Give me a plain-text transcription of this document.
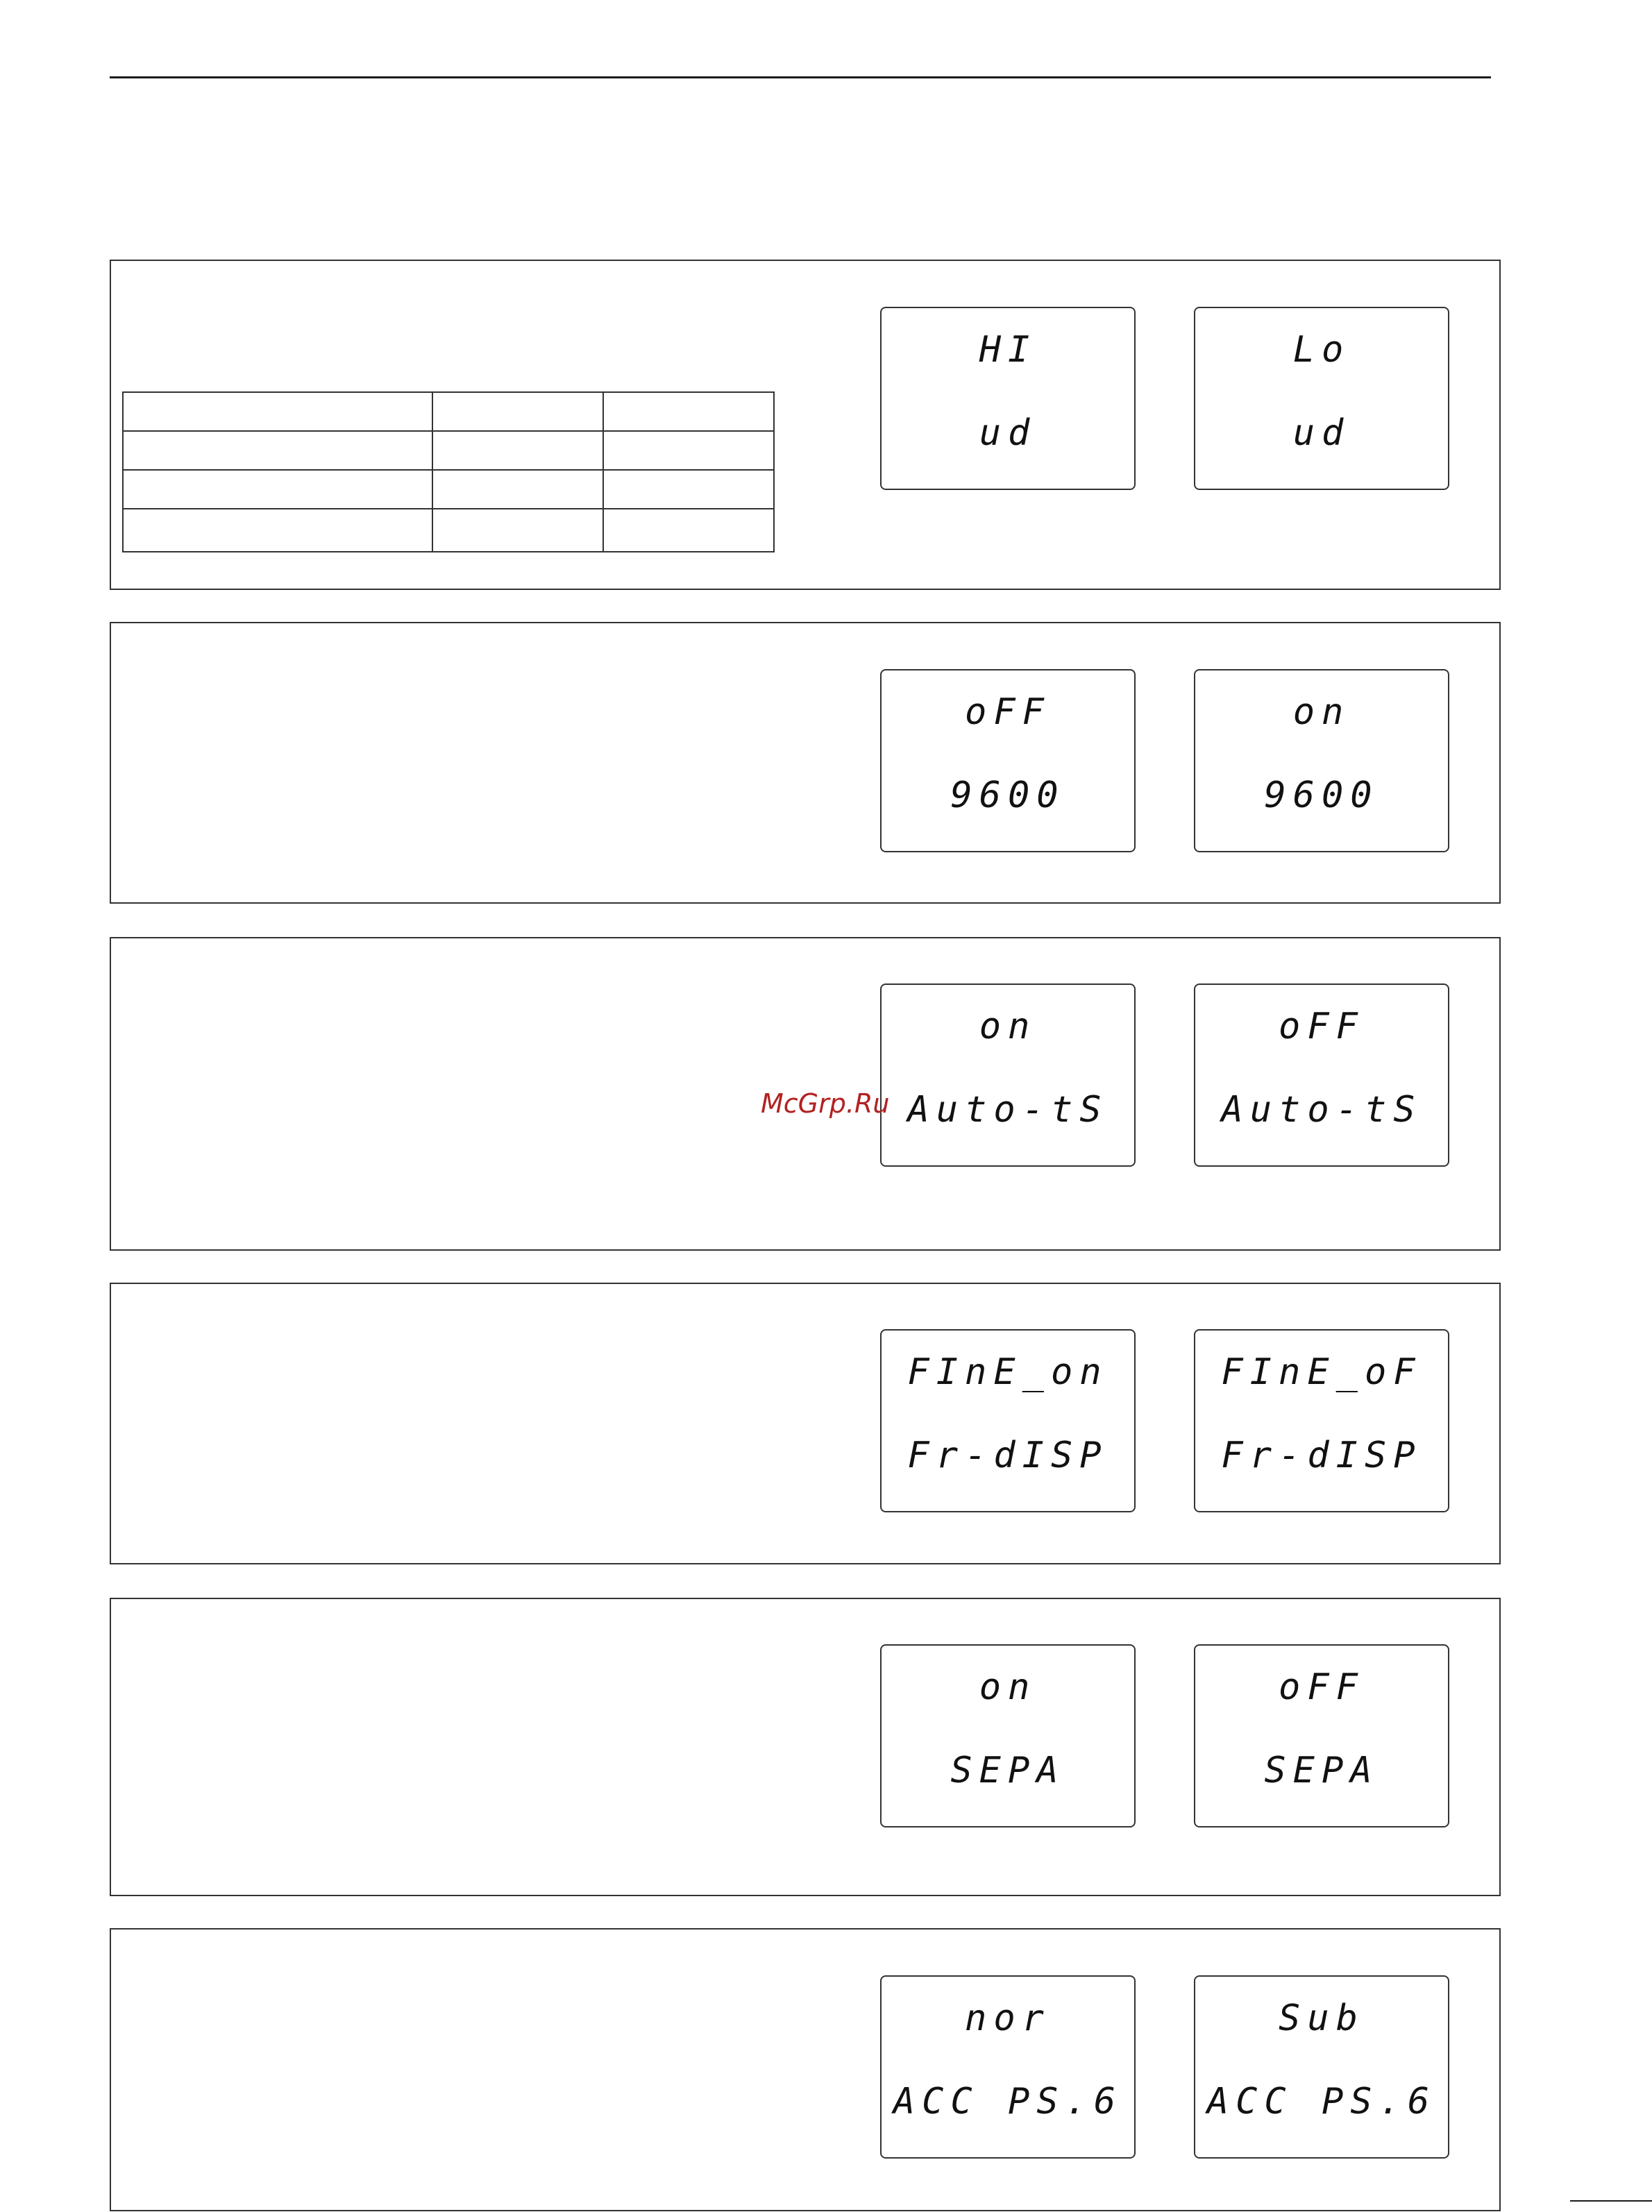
HI
ud
Lo
ud
oFF
9600
on
9600
on
Auto-tS
oFF
Auto-tS
FInE_on
Fr-dISP
FInE_oF
Fr-dISP
on
SEPA
oFF
SEPA
nor
ACC PS.6
Sub
ACC PS.6
McGrp.Ru
